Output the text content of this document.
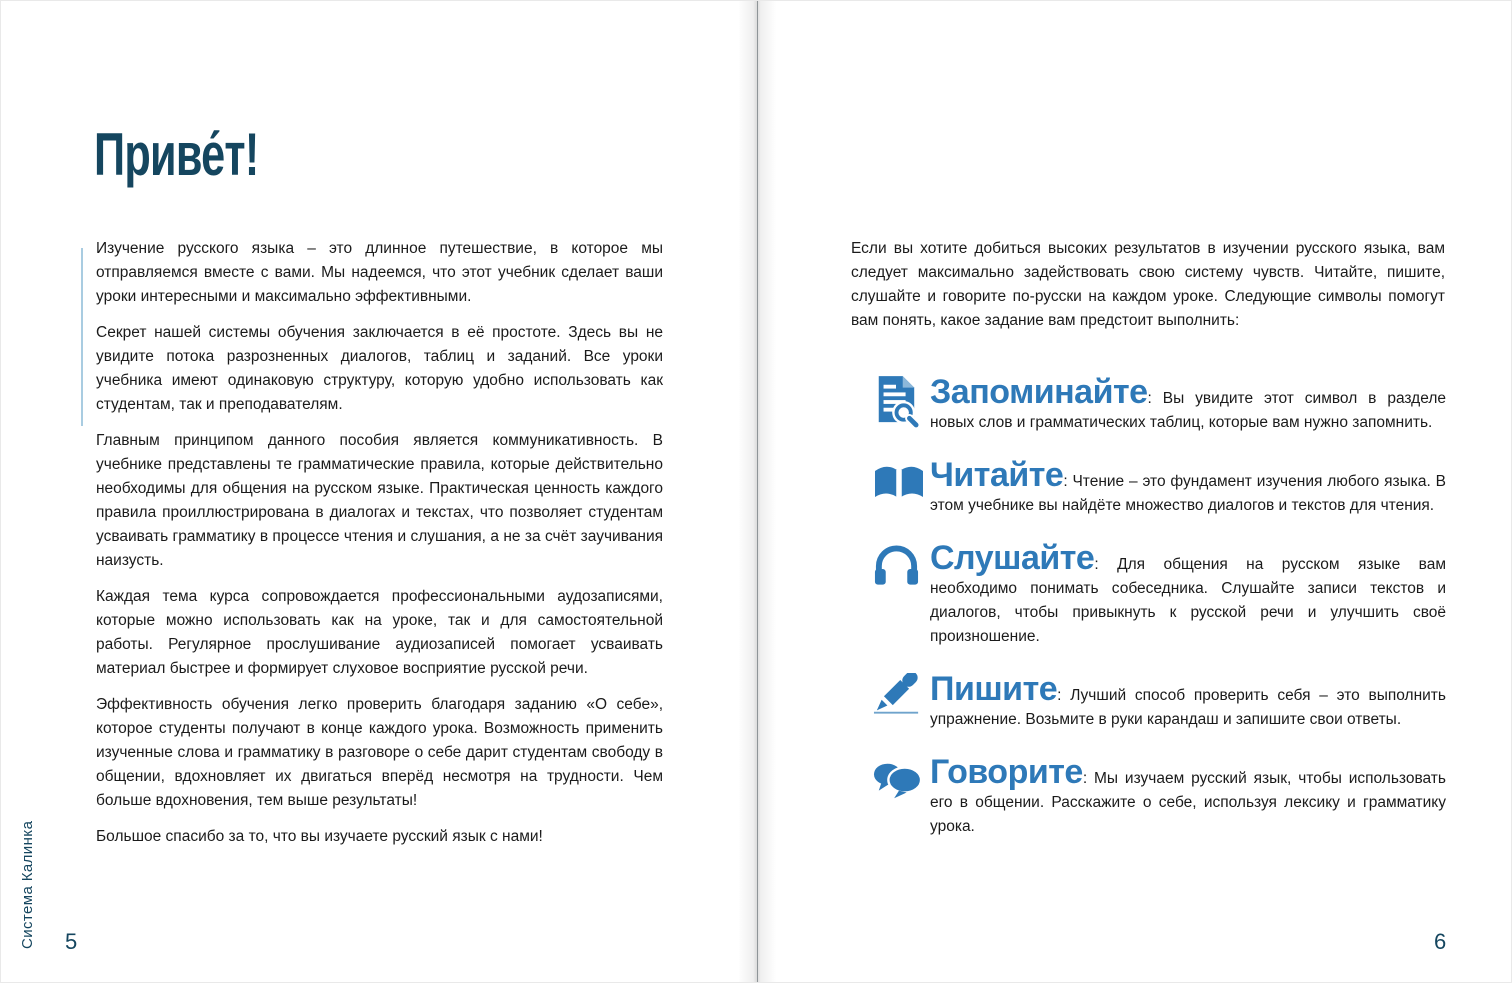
Приве́т!

Изучение русского языка – это длинное путешествие, в которое мы отправляемся вместе с вами. Мы надеемся, что этот учебник сделает ваши уроки интересными и максимально эффективными.

Секрет нашей системы обучения заключается в её простоте. Здесь вы не увидите потока разрозненных диалогов, таблиц и заданий. Все уроки учебника имеют одинаковую структуру, которую удобно использовать как студентам, так и преподавателям.

Главным принципом данного пособия является коммуникативность. В учебнике представлены те грамматические правила, которые действительно необходимы для общения на русском языке. Практическая ценность каждого правила проиллюстрирована в диалогах и текстах, что позволяет студентам усваивать грамматику в процессе чтения и слушания, а не за счёт заучивания наизусть.

Каждая тема курса сопровождается профессиональными аудозаписями, которые можно использовать как на уроке, так и для самостоятельной работы. Регулярное прослушивание аудиозаписей помогает усваивать материал быстрее и формирует слуховое восприятие русской речи.

Эффективность обучения легко проверить благодаря заданию «О себе», которое студенты получают в конце каждого урока. Возможность применить изученные слова и грамматику в разговоре о себе дарит студентам свободу в общении, вдохновляет их двигаться вперёд несмотря на трудности. Чем больше вдохновения, тем выше результаты!

Большое спасибо за то, что вы изучаете русский язык с нами!

Система Калинка 5

Если вы хотите добиться высоких результатов в изучении русского языка, вам следует максимально задействовать свою систему чувств. Читайте, пишите, слушайте и говорите по-русски на каждом уроке. Следующие символы помогут вам понять, какое задание вам предстоит выполнить:

Запоминайте: Вы увидите этот символ в разделе новых слов и грамматических таблиц, которые вам нужно запомнить.

Читайте: Чтение – это фундамент изучения любого языка. В этом учебнике вы найдёте множество диалогов и текстов для чтения.

Слушайте: Для общения на русском языке вам необходимо понимать собеседника. Слушайте записи текстов и диалогов, чтобы привыкнуть к русской речи и улучшить своё произношение.

Пишите: Лучший способ проверить себя – это выполнить упражнение. Возьмите в руки карандаш и запишите свои ответы.

Говорите: Мы изучаем русский язык, чтобы использовать его в общении. Расскажите о себе, используя лексику и грамматику урока.

6
